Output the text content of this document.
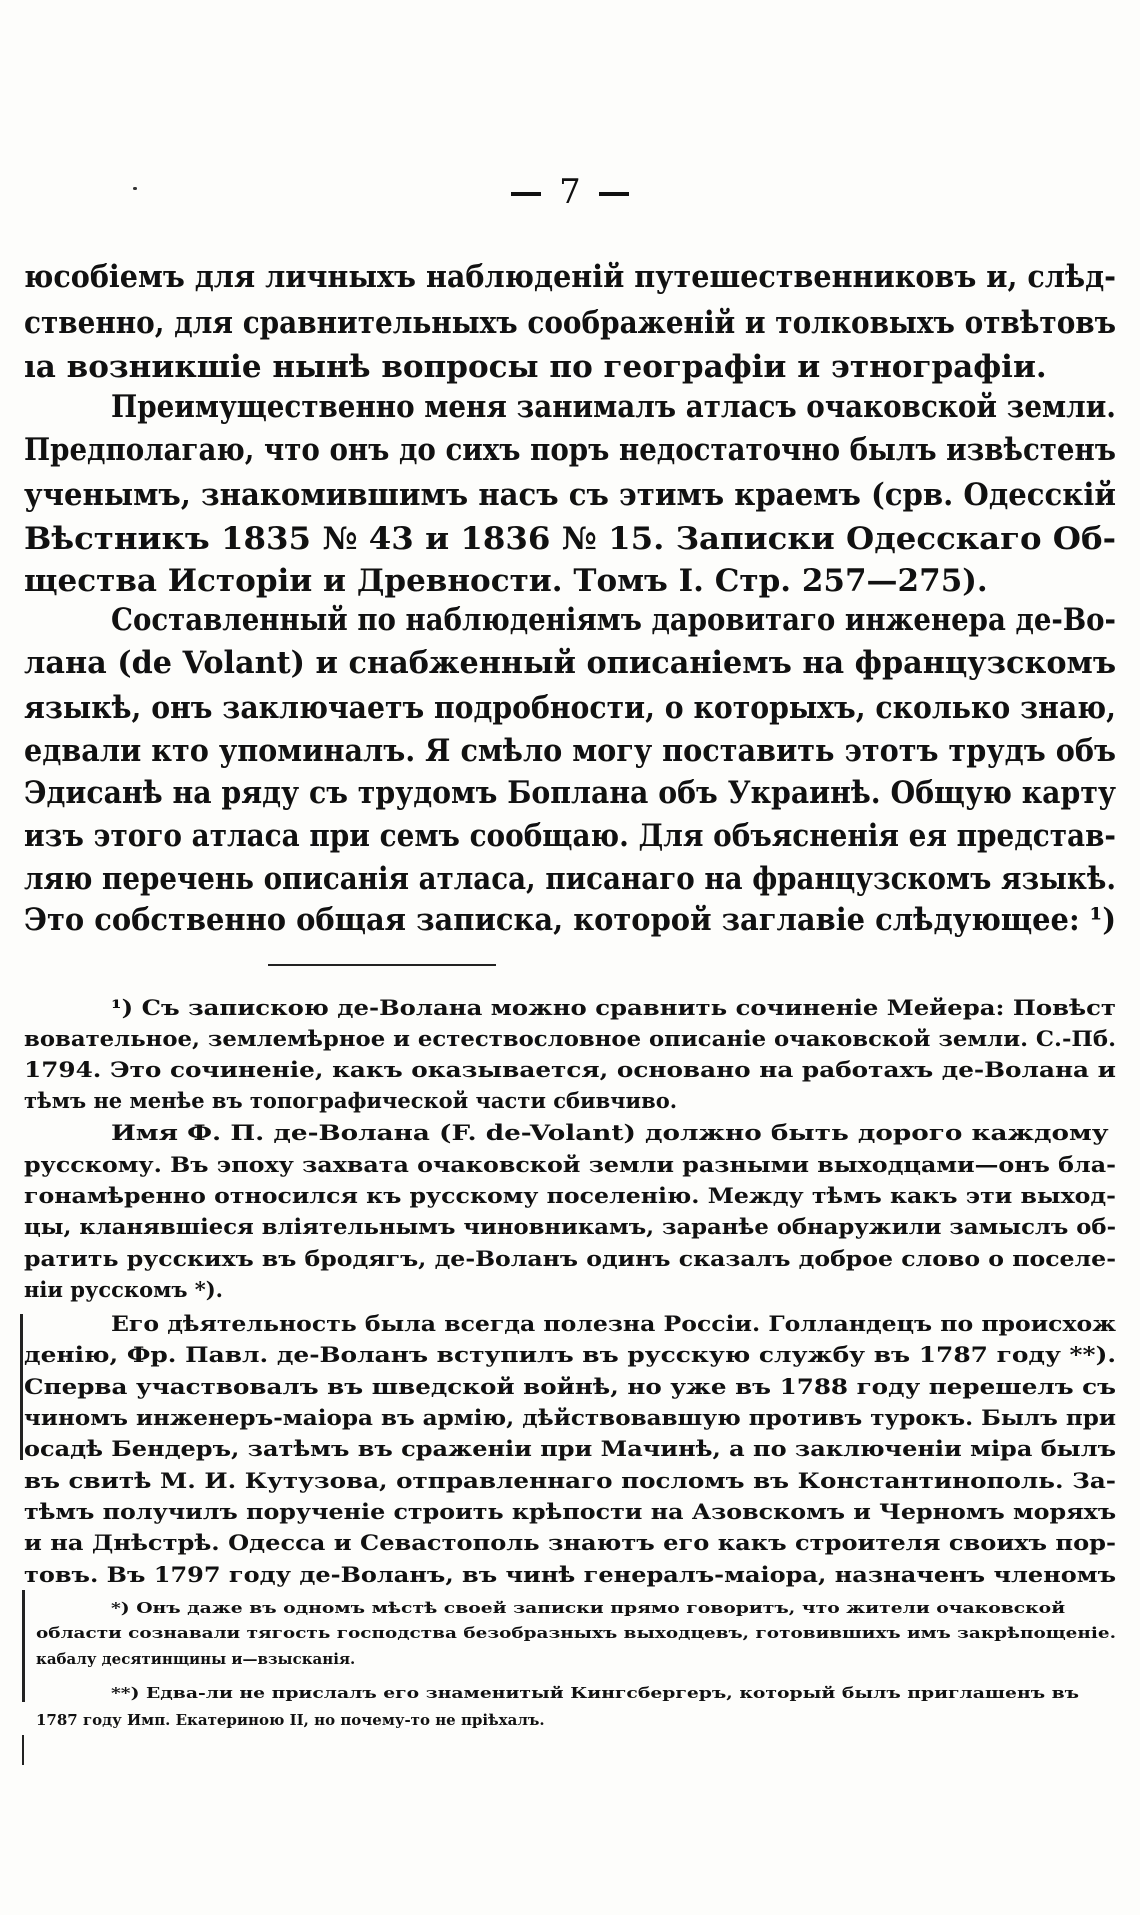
7
юсобіемъ для личныхъ наблюденій путешественниковъ и, слѣд-
ственно, для сравнительныхъ соображеній и толковыхъ отвѣтовъ
ıa возникшіе нынѣ вопросы по географіи и этнографіи.
Преимущественно меня занималъ атласъ очаковской земли.
Предполагаю, что онъ до сихъ поръ недостаточно былъ извѣстенъ
ученымъ, знакомившимъ насъ съ этимъ краемъ (срв. Одесскій
Вѣстникъ 1835 № 43 и 1836 № 15. Записки Одесскаго Об-
щества Исторіи и Древности. Томъ I. Стр. 257—275).
Составленный по наблюденіямъ даровитаго инженера де-Во-
лана (de Volant) и снабженный описаніемъ на французскомъ
языкѣ, онъ заключаетъ подробности, о которыхъ, сколько знаю,
едвали кто упоминалъ. Я смѣло могу поставить этотъ трудъ объ
Эдисанѣ на ряду съ трудомъ Боплана объ Украинѣ. Общую карту
изъ этого атласа при семъ сообщаю. Для объясненія ея представ-
ляю перечень описанія атласа, писанаго на французскомъ языкѣ.
Это собственно общая записка, которой заглавіе слѣдующее: ¹)
¹) Съ запискою де-Волана можно сравнить сочиненіе Мейера: Повѣст
вовательное, землемѣрное и естествословное описаніе очаковской земли. С.-Пб.
1794. Это сочиненіе, какъ оказывается, основано на работахъ де-Волана и
тѣмъ не менѣе въ топографической части сбивчиво.
Имя Ф. П. де-Волана (F. de-Volant) должно быть дорого каждому
русскому. Въ эпоху захвата очаковской земли разными выходцами—онъ бла-
гонамѣренно относился къ русскому поселенію. Между тѣмъ какъ эти выход-
цы, кланявшіеся вліятельнымъ чиновникамъ, заранѣе обнаружили замыслъ об-
ратить русскихъ въ бродягъ, де-Воланъ одинъ сказалъ доброе слово о поселе-
ніи русскомъ *).
Его дѣятельность была всегда полезна Россіи. Голландецъ по происхож
денію, Фр. Павл. де-Воланъ вступилъ въ русскую службу въ 1787 году **).
Сперва участвовалъ въ шведской войнѣ, но уже въ 1788 году перешелъ съ
чиномъ инженеръ-маіора въ армію, дѣйствовавшую противъ турокъ. Былъ при
осадѣ Бендеръ, затѣмъ въ сраженіи при Мачинѣ, а по заключеніи міра былъ
въ свитѣ М. И. Кутузова, отправленнаго посломъ въ Константинополь. За-
тѣмъ получилъ порученіе строить крѣпости на Азовскомъ и Черномъ моряхъ
и на Днѣстрѣ. Одесса и Севастополь знаютъ его какъ строителя своихъ пор-
товъ. Въ 1797 году де-Воланъ, въ чинѣ генералъ-маіора, назначенъ членомъ
*) Онъ даже въ одномъ мѣстѣ своей записки прямо говоритъ, что жители очаковской
области сознавали тягость господства безобразныхъ выходцевъ, готовившихъ имъ закрѣпощеніе.
кабалу десятинщины и—взысканія.
**) Едва-ли не прислалъ его знаменитый Кингсбергеръ, который былъ приглашенъ въ
1787 году Имп. Екатериною II, но почему-то не пріѣхалъ.
